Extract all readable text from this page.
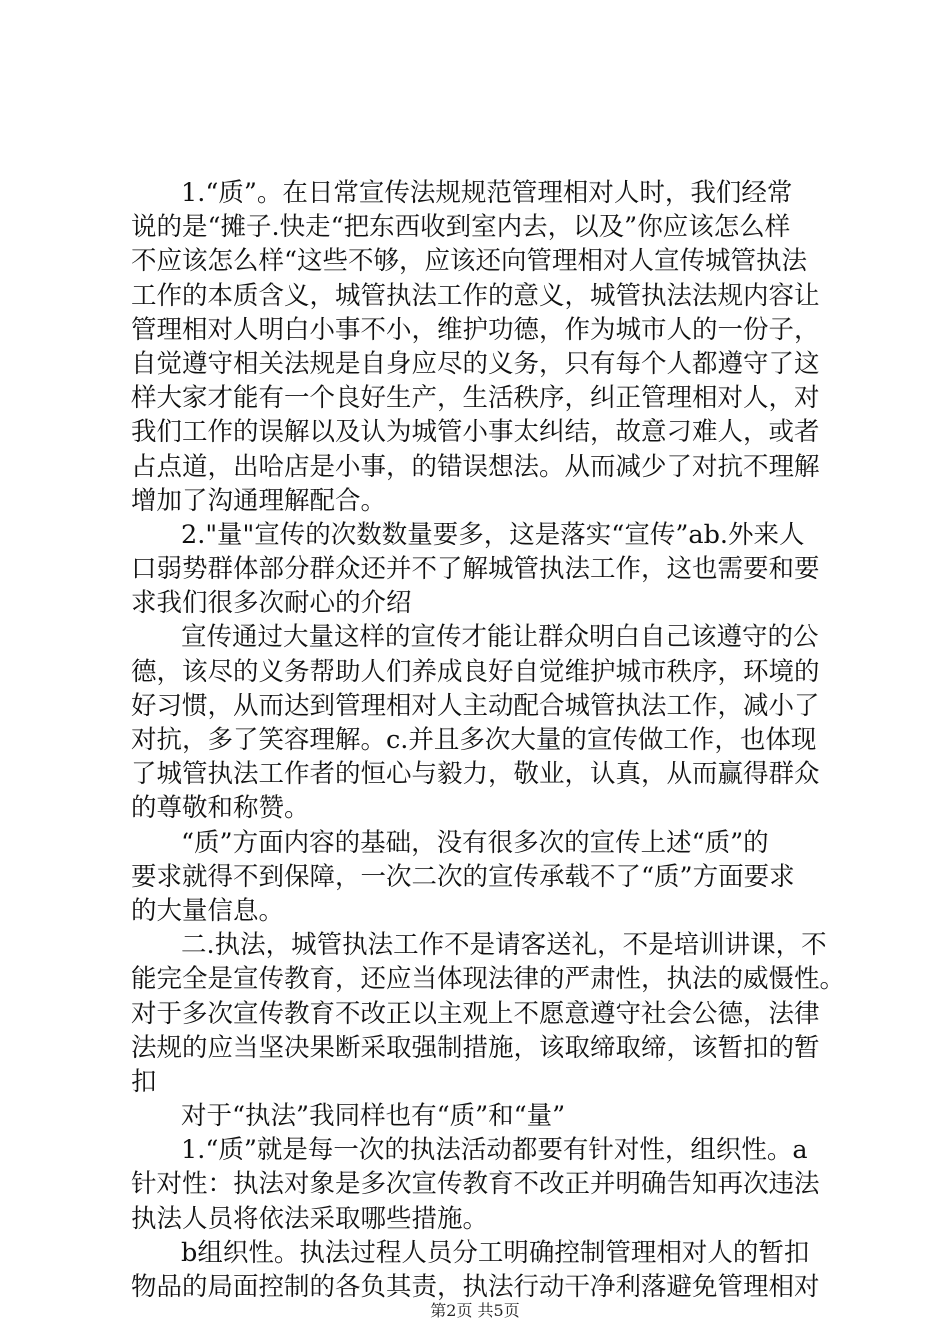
1.“质”。在日常宣传法规规范管理相对人时，我们经常
说的是“摊子.快走“把东西收到室内去，以及”你应该怎么样
不应该怎么样“这些不够，应该还向管理相对人宣传城管执法
工作的本质含义，城管执法工作的意义，城管执法法规内容让
管理相对人明白小事不小，维护功德，作为城市人的一份子，
自觉遵守相关法规是自身应尽的义务，只有每个人都遵守了这
样大家才能有一个良好生产，生活秩序，纠正管理相对人，对
我们工作的误解以及认为城管小事太纠结，故意刁难人，或者
占点道，出哈店是小事，的错误想法。从而减少了对抗不理解
增加了沟通理解配合。
2."量"宣传的次数数量要多，这是落实“宣传”ab.外来人
口弱势群体部分群众还并不了解城管执法工作，这也需要和要
求我们很多次耐心的介绍
宣传通过大量这样的宣传才能让群众明白自己该遵守的公
德，该尽的义务帮助人们养成良好自觉维护城市秩序，环境的
好习惯，从而达到管理相对人主动配合城管执法工作，减小了
对抗，多了笑容理解。c.并且多次大量的宣传做工作，也体现
了城管执法工作者的恒心与毅力，敬业，认真，从而赢得群众
的尊敬和称赞。
“质”方面内容的基础，没有很多次的宣传上述“质”的
要求就得不到保障，一次二次的宣传承载不了“质”方面要求
的大量信息。
二.执法，城管执法工作不是请客送礼，不是培训讲课，不
能完全是宣传教育，还应当体现法律的严肃性，执法的威慑性。
对于多次宣传教育不改正以主观上不愿意遵守社会公德，法律
法规的应当坚决果断采取强制措施，该取缔取缔，该暂扣的暂
扣
对于“执法”我同样也有“质”和“量”
1.“质”就是每一次的执法活动都要有针对性，组织性。a
针对性：执法对象是多次宣传教育不改正并明确告知再次违法
执法人员将依法采取哪些措施。
b组织性。执法过程人员分工明确控制管理相对人的暂扣
物品的局面控制的各负其责，执法行动干净利落避免管理相对
第2页 共5页
